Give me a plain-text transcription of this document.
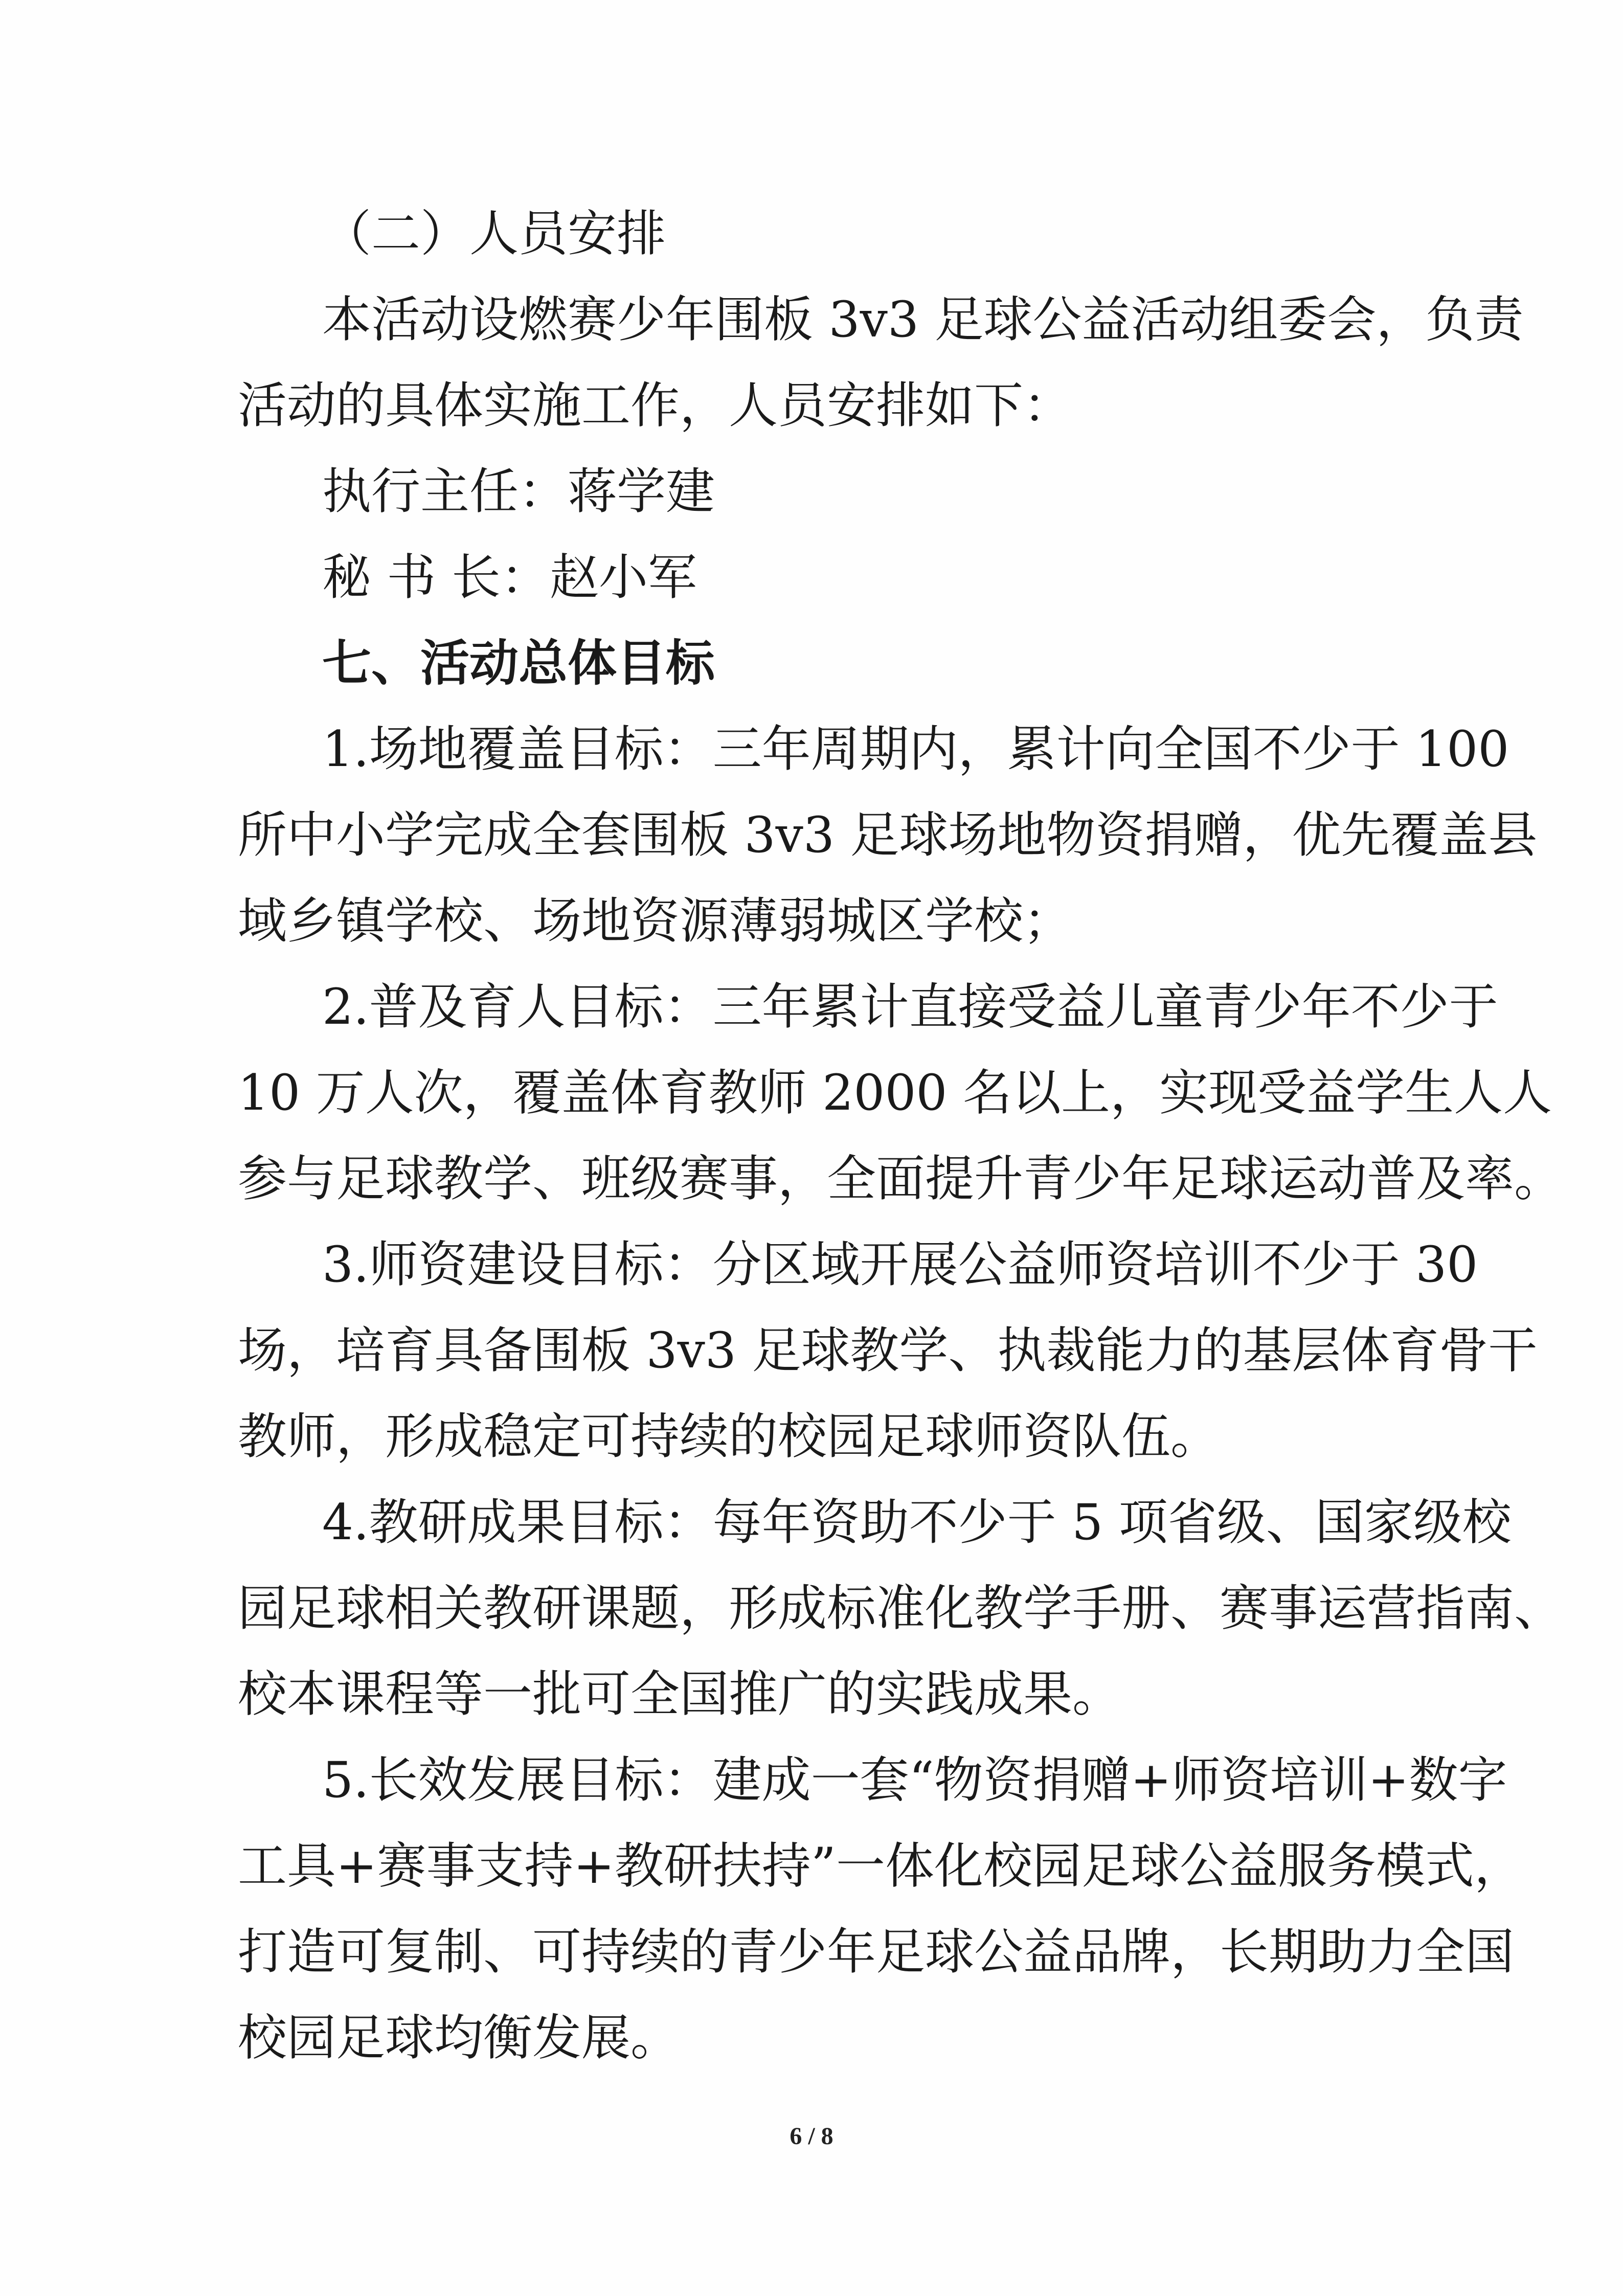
（二）人员安排
本活动设燃赛少年围板 3v3 足球公益活动组委会，负责
活动的具体实施工作，人员安排如下：
执行主任：蒋学建
秘 书 长：赵小军
七、活动总体目标
1.场地覆盖目标：三年周期内，累计向全国不少于 100
所中小学完成全套围板 3v3 足球场地物资捐赠，优先覆盖县
域乡镇学校、场地资源薄弱城区学校；
2.普及育人目标：三年累计直接受益儿童青少年不少于
10 万人次，覆盖体育教师 2000 名以上，实现受益学生人人
参与足球教学、班级赛事，全面提升青少年足球运动普及率。
3.师资建设目标：分区域开展公益师资培训不少于 30
场，培育具备围板 3v3 足球教学、执裁能力的基层体育骨干
教师，形成稳定可持续的校园足球师资队伍。
4.教研成果目标：每年资助不少于 5 项省级、国家级校
园足球相关教研课题，形成标准化教学手册、赛事运营指南、
校本课程等一批可全国推广的实践成果。
5.长效发展目标：建成一套“物资捐赠+师资培训+数字
工具+赛事支持+教研扶持”一体化校园足球公益服务模式，
打造可复制、可持续的青少年足球公益品牌，长期助力全国
校园足球均衡发展。
6 / 8
